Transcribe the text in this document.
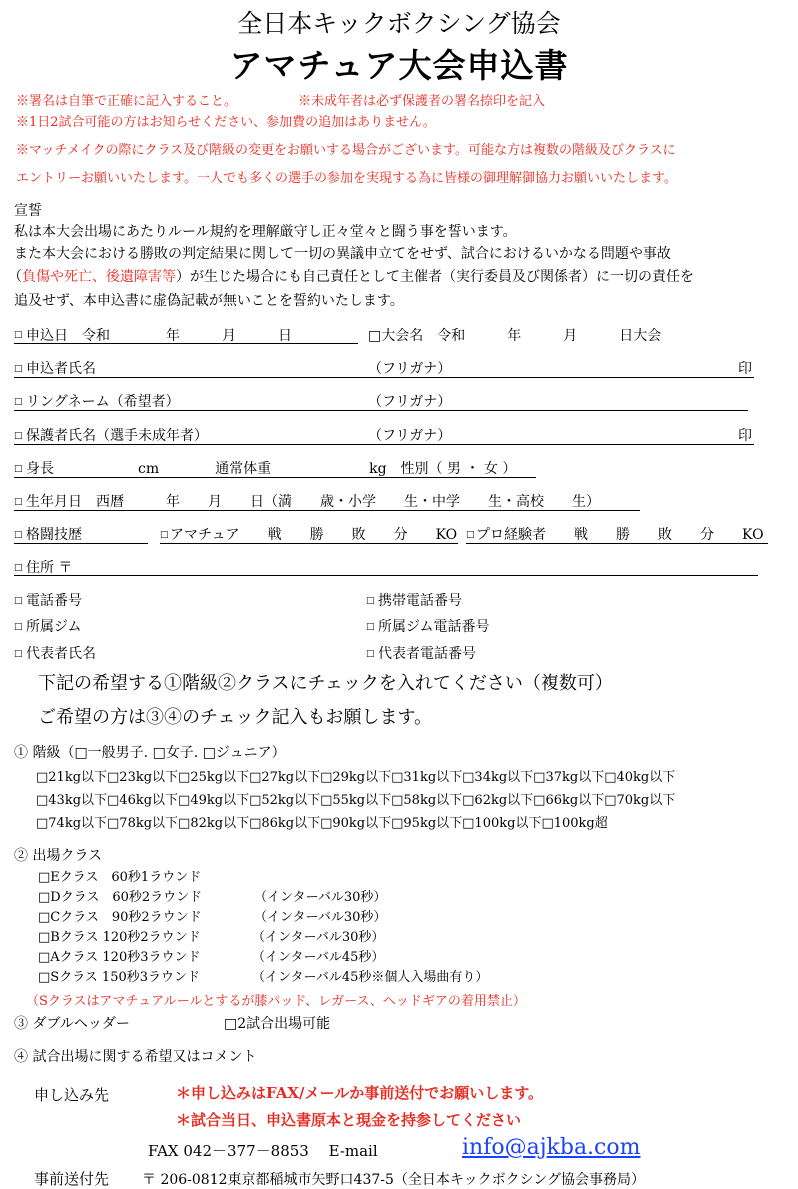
全日本キックボクシング協会
アマチュア大会申込書
※署名は自筆で正確に記入すること。	※未成年者は必ず保護者の署名捺印を記入
※1日2試合可能の方はお知らせください、参加費の追加はありません。
※マッチメイクの際にクラス及び階級の変更をお願いする場合がございます。可能な方は複数の階級及びクラスに
エントリーお願いいたします。一人でも多くの選手の参加を実現する為に皆様の御理解御協力お願いいたします。
宣誓
私は本大会出場にあたりルール規約を理解厳守し正々堂々と闘う事を誓います。
また本大会における勝敗の判定結果に関して一切の異議申立てをせず、試合におけるいかなる問題や事故
（負傷や死亡、後遺障害等）が生じた場合にも自己責任として主催者（実行委員及び関係者）に一切の責任を
追及せず、本申込書に虚偽記載が無いことを誓約いたします。
□ 申込日　令和　　　　年　　　月　　　日	□大会名　令和　　　年　　　月　　　日大会
□ 申込者氏名	（フリガナ）	印
□ リングネーム（希望者）	（フリガナ）
□ 保護者氏名（選手未成年者）	（フリガナ）	印
□ 身長　　　　　　cm　　　　通常体重　　　　　　　kg　性別（ 男 ・ 女 ）
□ 生年月日　西暦　　　年　　月　　日（満　　歳・小学　　生・中学　　生・高校　　生）
□ 格闘技歴	□ アマチュア　　戦　　勝　　敗　　分　　KO □ プロ経験者　　戦　　勝　　敗　　分　　KO
□ 住所 〒
□ 電話番号	□ 携帯電話番号
□ 所属ジム	□ 所属ジム電話番号
□ 代表者氏名	□ 代表者電話番号
下記の希望する①階級②クラスにチェックを入れてください（複数可）
ご希望の方は③④のチェック記入もお願します。
① 階級（□一般男子. □女子. □ジュニア）
□21kg以下□23kg以下□25kg以下□27kg以下□29kg以下□31kg以下□34kg以下□37kg以下□40kg以下
□43kg以下□46kg以下□49kg以下□52kg以下□55kg以下□58kg以下□62kg以下□66kg以下□70kg以下
□74kg以下□78kg以下□82kg以下□86kg以下□90kg以下□95kg以下□100kg以下□100kg超
② 出場クラス
□Eクラス　60秒1ラウンド
□Dクラス　60秒2ラウンド	（インターバル30秒）
□Cクラス　90秒2ラウンド	（インターバル30秒）
□Bクラス 120秒2ラウンド	（インターバル30秒）
□Aクラス 120秒3ラウンド	（インターバル45秒）
□Sクラス 150秒3ラウンド	（インターバル45秒※個人入場曲有り）
（Sクラスはアマチュアルールとするが膝パッド、レガース、ヘッドギアの着用禁止）
③ ダブルヘッダー	□2試合出場可能
④ 試合出場に関する希望又はコメント
申し込み先	＊申し込みはFAX/メールか事前送付でお願いします。
＊試合当日、申込書原本と現金を持参してください
FAX 042－377－8853　 E-mail	info@ajkba.com
事前送付先 〒 206-0812東京都稲城市矢野口437-5（全日本キックボクシング協会事務局）
